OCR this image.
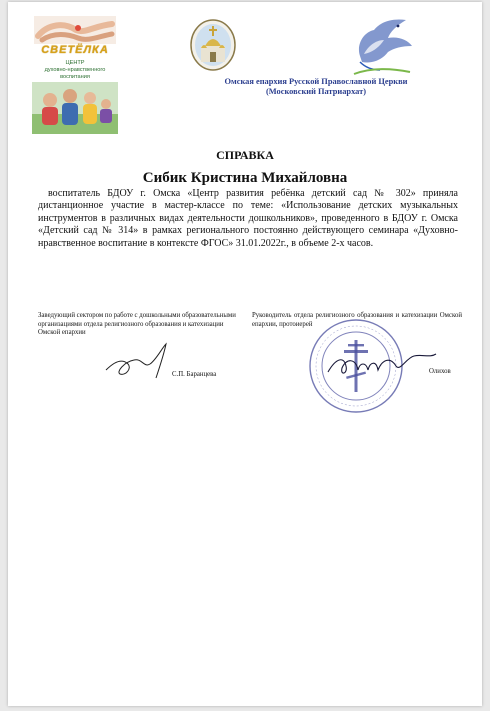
СВЕТЁЛКА
ЦЕНТР
духовно-нравственного
воспитания	Омская епархия Русской Православной Церкви
(Московский Патриархат)
СПРАВКА
Сибик Кристина Михайловна
воспитатель БДОУ г. Омска «Центр развития ребёнка детский сад № 302» приняла дистанционное участие в мастер-классе по теме: «Использование детских музыкальных инструментов в различных видах деятельности дошкольников», проведенного в БДОУ г. Омска «Детский сад № 314» в рамках регионального постоянно действующего семинара «Духовно-нравственное воспитание в контексте ФГОС» 31.01.2022г., в объеме 2-х часов.
Заведующий сектором по работе с дошкольными образовательными организациями отдела религиозного образования и катехизации Омской епархии
С.П. Баранцева
Руководитель отдела религиозного образования и катехизации Омской епархии, протоиерей
Олихов
